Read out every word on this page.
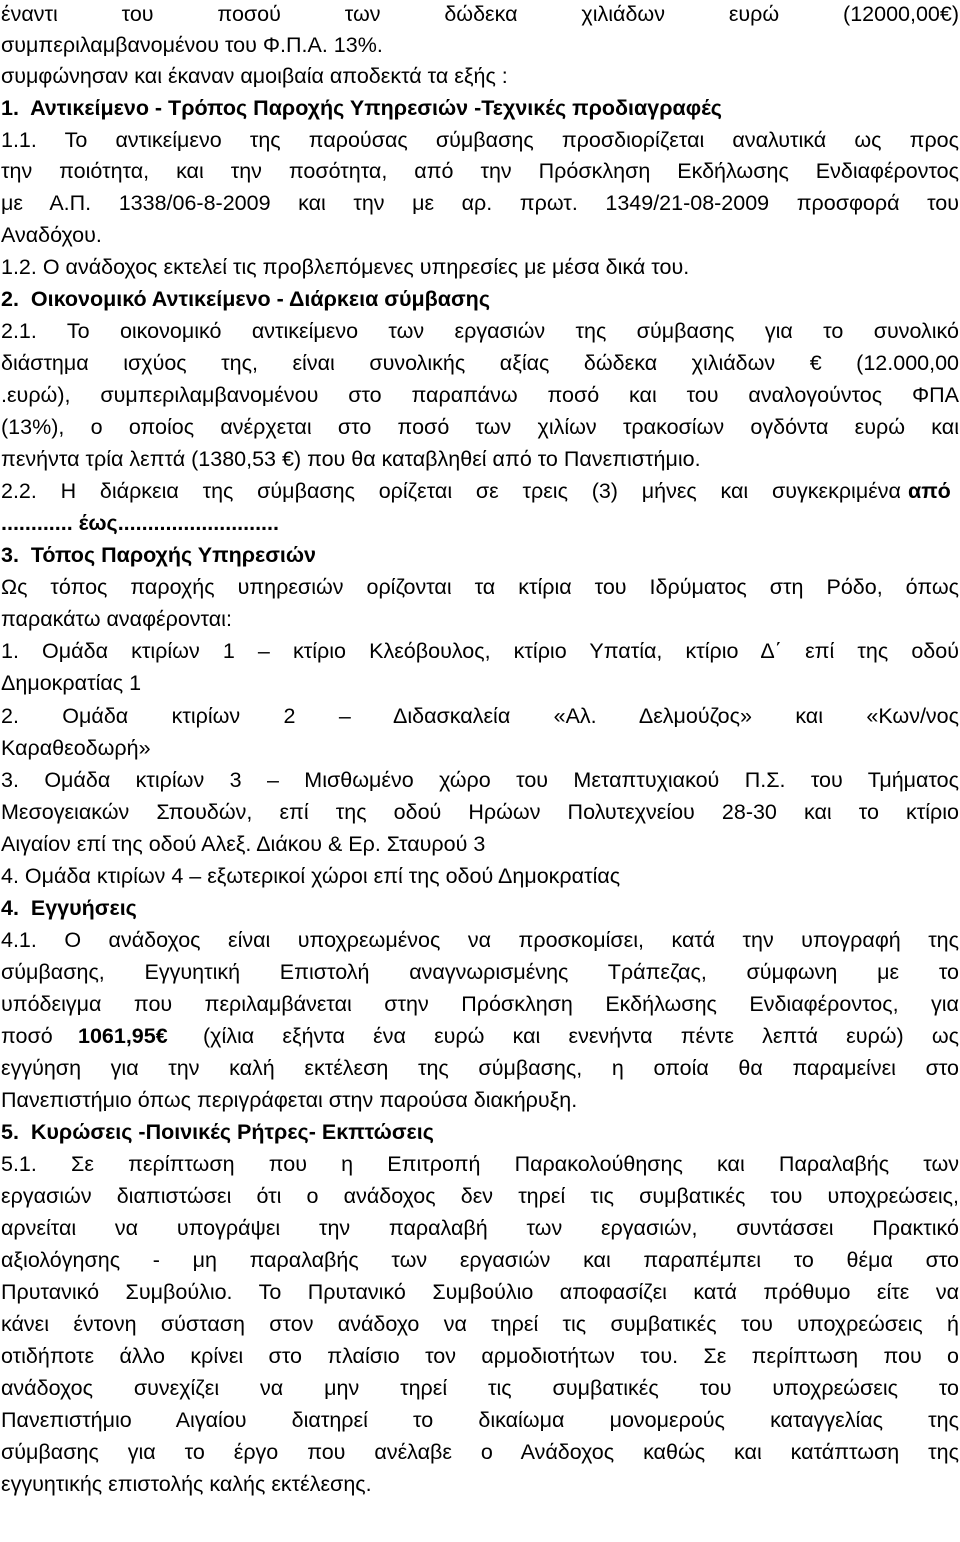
έναντι του ποσού των δώδεκα χιλιάδων ευρώ (12000,00€)
συμπεριλαμβανομένου του Φ.Π.Α. 13%.
συμφώνησαν και έκαναν αμοιβαία αποδεκτά τα εξής :
1.  Αντικείμενο - Τρόπος Παροχής Υπηρεσιών -Τεχνικές προδιαγραφές
1.1. Το αντικείμενο της παρούσας σύμβασης προσδιορίζεται αναλυτικά ως προς
την ποιότητα, και την ποσότητα, από την Πρόσκληση Εκδήλωσης Ενδιαφέροντος
με Α.Π. 1338/06-8-2009 και την με αρ. πρωτ. 1349/21-08-2009 προσφορά του
Αναδόχου.
1.2. Ο ανάδοχος εκτελεί τις προβλεπόμενες υπηρεσίες με μέσα δικά του.
2.  Οικονομικό Αντικείμενο - Διάρκεια σύμβασης
2.1. Το οικονομικό αντικείμενο των εργασιών της σύμβασης για το συνολικό
διάστημα ισχύος της, είναι συνολικής αξίας δώδεκα χιλιάδων € (12.000,00
.ευρώ), συμπεριλαμβανομένου στο παραπάνω ποσό και του αναλογούντος ΦΠΑ
(13%), ο οποίος ανέρχεται στο ποσό των χιλίων τρακοσίων ογδόντα ευρώ και
πενήντα τρία λεπτά (1380,53 €) που θα καταβληθεί από το Πανεπιστήμιο.
2.2. Η διάρκεια της σύμβασης ορίζεται σε τρεις (3) μήνες και συγκεκριμένα από
............ έως...........................
3.  Τόπος Παροχής Υπηρεσιών
Ως τόπος παροχής υπηρεσιών ορίζονται τα κτίρια του Ιδρύματος στη Ρόδο, όπως
παρακάτω αναφέρονται:
1. Ομάδα κτιρίων 1 – κτίριο Κλεόβουλος, κτίριο Υπατία, κτίριο Δ΄ επί της οδού
Δημοκρατίας 1
2. Ομάδα κτιρίων 2 – Διδασκαλεία «Αλ. Δελμούζος» και «Κων/νος
Καραθεοδωρή»
3. Ομάδα κτιρίων 3 – Μισθωμένο χώρο του Μεταπτυχιακού Π.Σ. του Τμήματος
Μεσογειακών Σπουδών, επί της οδού Ηρώων Πολυτεχνείου 28-30 και το κτίριο
Αιγαίον επί της οδού Αλεξ. Διάκου & Ερ. Σταυρού 3
4. Ομάδα κτιρίων 4 – εξωτερικοί χώροι επί της οδού Δημοκρατίας
4.  Εγγυήσεις
4.1. Ο ανάδοχος είναι υποχρεωμένος να προσκομίσει, κατά την υπογραφή της
σύμβασης, Εγγυητική Επιστολή αναγνωρισμένης Τράπεζας, σύμφωνη με το
υπόδειγμα που περιλαμβάνεται στην Πρόσκληση Εκδήλωσης Ενδιαφέροντος, για
ποσό 1061,95€ (χίλια εξήντα ένα ευρώ και ενενήντα πέντε λεπτά ευρώ) ως
εγγύηση για την καλή εκτέλεση της σύμβασης, η οποία θα παραμείνει στο
Πανεπιστήμιο όπως περιγράφεται στην παρούσα διακήρυξη.
5.  Κυρώσεις -Ποινικές Ρήτρες- Εκπτώσεις
5.1. Σε περίπτωση που η Επιτροπή Παρακολούθησης και Παραλαβής των
εργασιών διαπιστώσει ότι ο ανάδοχος δεν τηρεί τις συμβατικές του υποχρεώσεις,
αρνείται να υπογράψει την παραλαβή των εργασιών, συντάσσει Πρακτικό
αξιολόγησης - μη παραλαβής των εργασιών και παραπέμπει το θέμα στο
Πρυτανικό Συμβούλιο. Το Πρυτανικό Συμβούλιο αποφασίζει κατά πρόθυμο είτε να
κάνει έντονη σύσταση στον ανάδοχο να τηρεί τις συμβατικές του υποχρεώσεις ή
οτιδήποτε άλλο κρίνει στο πλαίσιο τον αρμοδιοτήτων του. Σε περίπτωση που ο
ανάδοχος συνεχίζει να μην τηρεί τις συμβατικές του υποχρεώσεις το
Πανεπιστήμιο Αιγαίου διατηρεί το δικαίωμα μονομερούς καταγγελίας της
σύμβασης για το έργο που ανέλαβε ο Ανάδοχος καθώς και κατάπτωση της
εγγυητικής επιστολής καλής εκτέλεσης.
